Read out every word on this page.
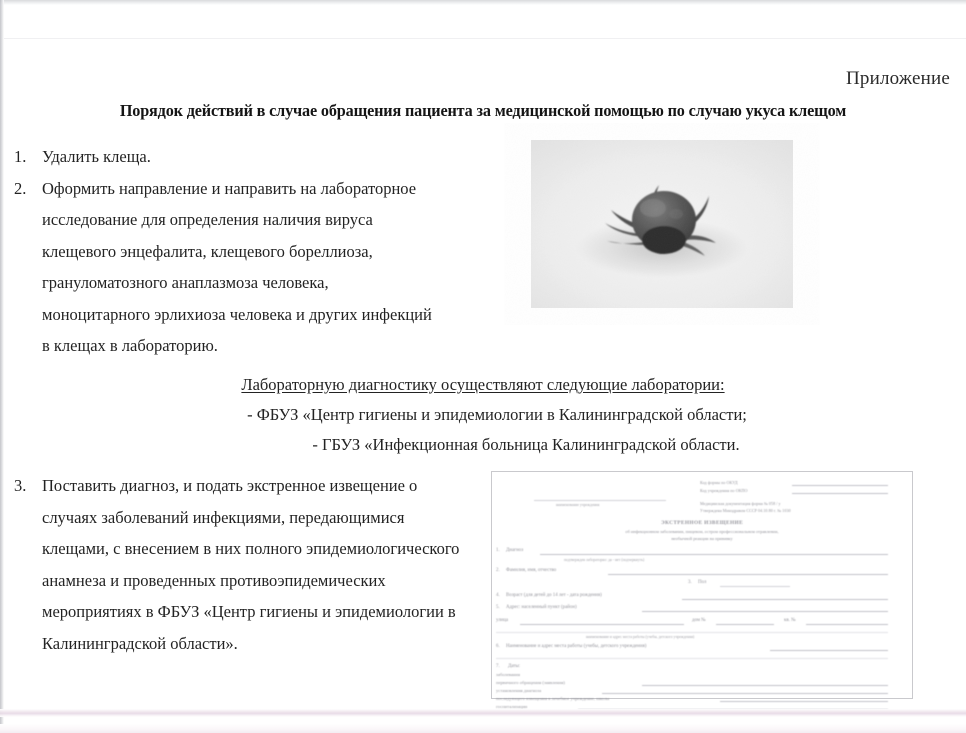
Приложение
Порядок действий в случае обращения пациента за медицинской помощью по случаю укуса клещом
1. Удалить клеща.
2. Оформить направление и направить на лабораторное
исследование для определения наличия вируса
клещевого энцефалита, клещевого бореллиоза,
грануломатозного анаплазмоза человека,
моноцитарного эрлихиоза человека и других инфекций
в клещах в лабораторию.
Лабораторную диагностику осуществляют следующие лаборатории:
- ФБУЗ «Центр гигиены и эпидемиологии в Калининградской области;
- ГБУЗ «Инфекционная больница Калининградской области.
3. Поставить диагноз, и подать экстренное извещение о
случаях заболеваний инфекциями, передающимися
клещами, с внесением в них полного эпидемиологического
анамнеза и проведенных противоэпидемических
мероприятиях в ФБУЗ «Центр гигиены и эпидемиологии в
Калининградской области».
Код формы по ОКУД
Код учреждения по ОКПО
Медицинская документация форма № 058 / у
Утверждена Минздравом СССР 04.10.80 г. № 1030
наименование учреждения
ЭКСТРЕННОЕ ИЗВЕЩЕНИЕ
об инфекционном заболевании, пищевом, остром профессиональном отравлении,
необычной реакции на прививку
1. Диагноз
подтвержден лабораторно: да - нет (подчеркнуть)
2. Фамилия, имя, отчество
3. Пол
4. Возраст (для детей до 14 лет - дата рождения)
5. Адрес: населенный пункт (район)
улица	дом №	кв. №
наименование и адрес места работы (учебы, детского учреждения)
6. Наименование и адрес места работы (учебы, детского учреждения)
7. Даты:
заболевания
первичного обращения (заявления)
установления диагноза
последующего извещения в лечебное учреждение, школы
госпитализации
